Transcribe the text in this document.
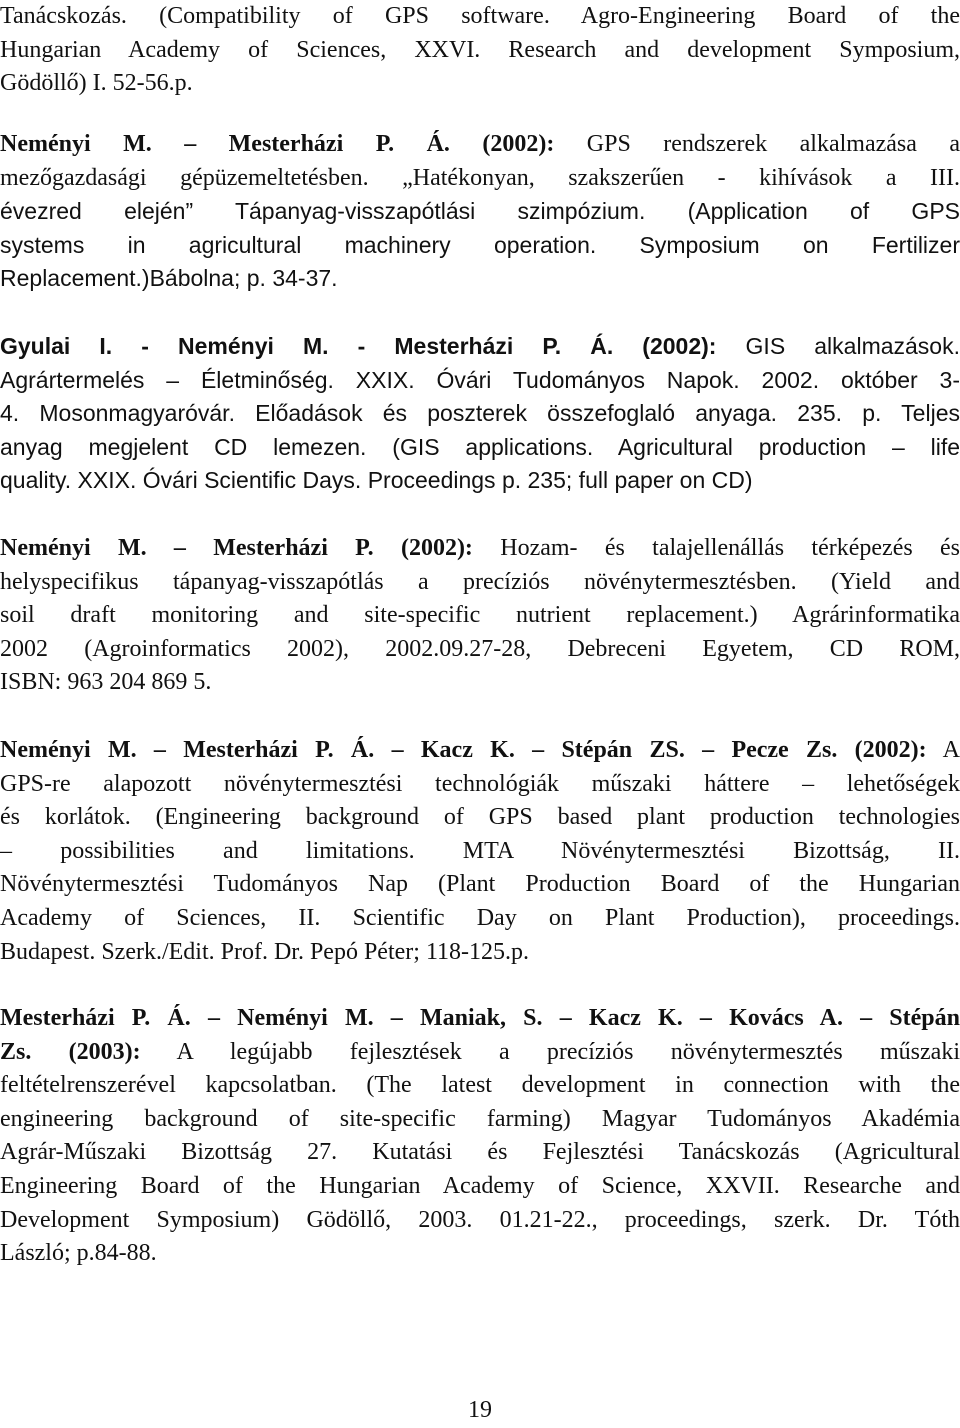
Tanácskozás. (Compatibility of GPS software. Agro-Engineering Board of the
Hungarian Academy of Sciences, XXVI. Research and development Symposium,
Gödöllő) I. 52-56.p.
Neményi M. – Mesterházi P. Á. (2002): GPS rendszerek alkalmazása a
mezőgazdasági gépüzemeltetésben. „Hatékonyan, szakszerűen - kihívások a III.
évezred elején” Tápanyag-visszapótlási szimpózium. (Application of GPS
systems in agricultural machinery operation. Symposium on Fertilizer
Replacement.)Bábolna; p. 34-37.
Gyulai I. - Neményi M. - Mesterházi P. Á. (2002): GIS alkalmazások.
Agrártermelés – Életminőség. XXIX. Óvári Tudományos Napok. 2002. október 3-
4. Mosonmagyaróvár. Előadások és poszterek összefoglaló anyaga. 235. p. Teljes
anyag megjelent CD lemezen. (GIS applications. Agricultural production – life
quality. XXIX. Óvári Scientific Days. Proceedings p. 235; full paper on CD)
Neményi M. – Mesterházi P. (2002): Hozam- és talajellenállás térképezés és
helyspecifikus tápanyag-visszapótlás a precíziós növénytermesztésben. (Yield and
soil draft monitoring and site-specific nutrient replacement.) Agrárinformatika
2002 (Agroinformatics 2002), 2002.09.27-28, Debreceni Egyetem, CD ROM,
ISBN: 963 204 869 5.
Neményi M. – Mesterházi P. Á. – Kacz K. – Stépán ZS. – Pecze Zs. (2002): A
GPS-re alapozott növénytermesztési technológiák műszaki háttere – lehetőségek
és korlátok. (Engineering background of GPS based plant production technologies
– possibilities and limitations. MTA Növénytermesztési Bizottság, II.
Növénytermesztési Tudományos Nap (Plant Production Board of the Hungarian
Academy of Sciences, II. Scientific Day on Plant Production), proceedings.
Budapest. Szerk./Edit. Prof. Dr. Pepó Péter; 118-125.p.
Mesterházi P. Á. – Neményi M. – Maniak, S. – Kacz K. – Kovács A. – Stépán
Zs. (2003): A legújabb fejlesztések a precíziós növénytermesztés műszaki
feltételrenszerével kapcsolatban. (The latest development in connection with the
engineering background of site-specific farming) Magyar Tudományos Akadémia
Agrár-Műszaki Bizottság 27. Kutatási és Fejlesztési Tanácskozás (Agricultural
Engineering Board of the Hungarian Academy of Science, XXVII. Researche and
Development Symposium) Gödöllő, 2003. 01.21-22., proceedings, szerk. Dr. Tóth
László; p.84-88.
19
